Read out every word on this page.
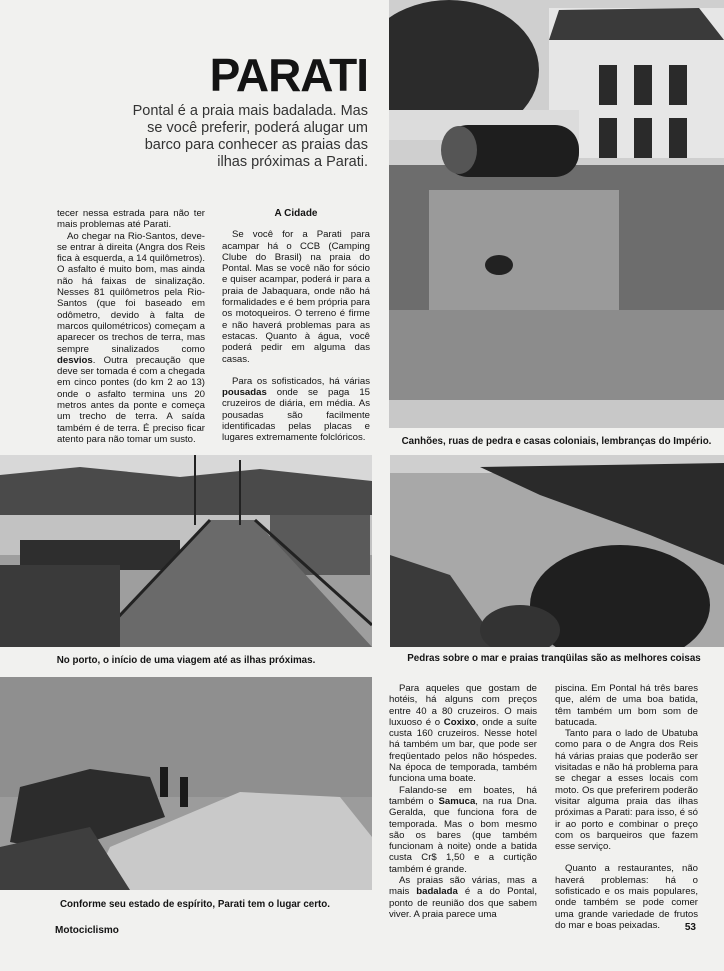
PARATI
Pontal é a praia mais badalada. Mas se você preferir, poderá alugar um barco para conhecer as praias das ilhas próximas a Parati.

tecer nessa estrada para não ter mais problemas até Parati.

Ao chegar na Rio-Santos, deve-se entrar à direita (Angra dos Reis fica à esquerda, a 14 quilômetros). O asfalto é muito bom, mas ainda não há faixas de sinalização. Nesses 81 quilômetros pela Rio-Santos (que foi baseado em odômetro, devido à falta de marcos quilométricos) começam a aparecer os trechos de terra, mas sempre sinalizados como desvios. Outra precaução que deve ser tomada é com a chegada em cinco pontes (do km 2 ao 13) onde o asfalto termina uns 20 metros antes da ponte e começa um trecho de terra. A saída também é de terra. É preciso ficar atento para não tomar um susto.

A Cidade

Se você for a Parati para acampar há o CCB (Camping Clube do Brasil) na praia do Pontal. Mas se você não for sócio e quiser acampar, poderá ir para a praia de Jabaquara, onde não há formalidades e é bem própria para os motoqueiros. O terreno é firme e não haverá problemas para as estacas. Quanto à água, você poderá pedir em alguma das casas.

Para os sofisticados, há várias pousadas onde se paga 15 cruzeiros de diária, em média. As pousadas são facilmente identificadas pelas placas e lugares extremamente folclóricos.	Canhões, ruas de pedra e casas coloniais, lembranças do Império.
No porto, o início de uma viagem até as ilhas próximas.	Pedras sobre o mar e praias tranqüilas são as melhores coisas

Para aqueles que gostam de hotéis, há alguns com preços entre 40 a 80 cruzeiros. O mais luxuoso é o Coxixo, onde a suíte custa 160 cruzeiros. Nesse hotel há também um bar, que pode ser freqüentado pelos não hóspedes. Na época de temporada, também funciona uma boate.

Falando-se em boates, há também o Samuca, na rua Dna. Geralda, que funciona fora de temporada. Mas o bom mesmo são os bares (que também funcionam à noite) onde a batida custa Cr$ 1,50 e a curtição também é grande.

As praias são várias, mas a mais badalada é a do Pontal, ponto de reunião dos que sabem viver. A praia parece uma

piscina. Em Pontal há três bares que, além de uma boa batida, têm também um bom som de batucada.

Tanto para o lado de Ubatuba como para o de Angra dos Reis há várias praias que poderão ser visitadas e não há problema para se chegar a esses locais com moto. Os que preferirem poderão visitar alguma praia das ilhas próximas a Parati: para isso, é só ir ao porto e combinar o preço com os barqueiros que fazem esse serviço.

Quanto a restaurantes, não haverá problemas: há o sofisticado e os mais populares, onde também se pode comer uma grande variedade de frutos do mar e boas peixadas.

Conforme seu estado de espírito, Parati tem o lugar certo.
Motociclismo	53
